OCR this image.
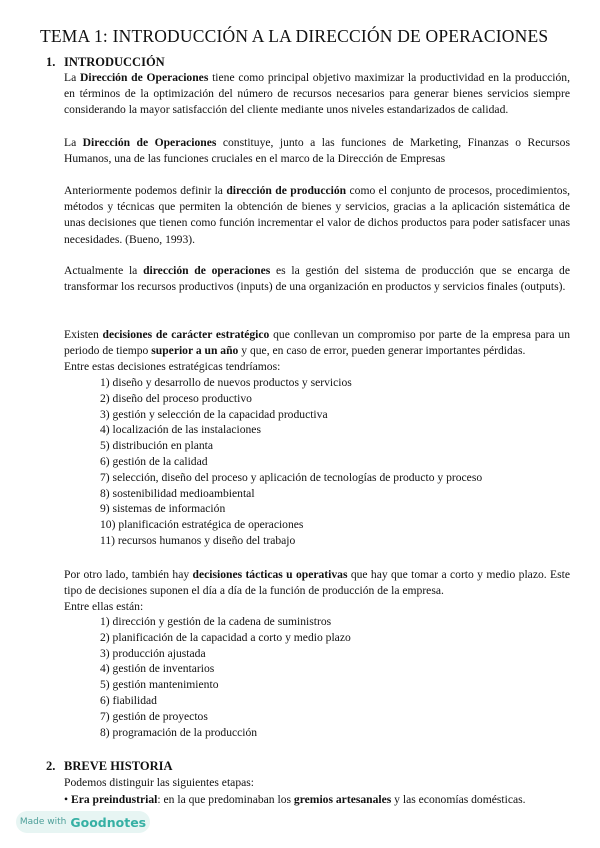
TEMA 1: INTRODUCCIÓN A LA DIRECCIÓN DE OPERACIONES
1. INTRODUCCIÓN

La Dirección de Operaciones tiene como principal objetivo maximizar la productividad en la producción, en términos de la optimización del número de recursos necesarios para generar bienes servicios siempre considerando la mayor satisfacción del cliente mediante unos niveles estandarizados de calidad.

La Dirección de Operaciones constituye, junto a las funciones de Marketing, Finanzas o Recursos Humanos, una de las funciones cruciales en el marco de la Dirección de Empresas

Anteriormente podemos definir la dirección de producción como el conjunto de procesos, procedimientos, métodos y técnicas que permiten la obtención de bienes y servicios, gracias a la aplicación sistemática de unas decisiones que tienen como función incrementar el valor de dichos productos para poder satisfacer unas necesidades. (Bueno, 1993).

Actualmente la dirección de operaciones es la gestión del sistema de producción que se encarga de transformar los recursos productivos (inputs) de una organización en productos y servicios finales (outputs).

Existen decisiones de carácter estratégico que conllevan un compromiso por parte de la empresa para un periodo de tiempo superior a un año y que, en caso de error, pueden generar importantes pérdidas.
Entre estas decisiones estratégicas tendríamos:

1) diseño y desarrollo de nuevos productos y servicios
2) diseño del proceso productivo
3) gestión y selección de la capacidad productiva
4) localización de las instalaciones
5) distribución en planta
6) gestión de la calidad
7) selección, diseño del proceso y aplicación de tecnologías de producto y proceso
8) sostenibilidad medioambiental
9) sistemas de información
10) planificación estratégica de operaciones
11) recursos humanos y diseño del trabajo

Por otro lado, también hay decisiones tácticas u operativas que hay que tomar a corto y medio plazo. Este tipo de decisiones suponen el día a día de la función de producción de la empresa.
Entre ellas están:

1) dirección y gestión de la cadena de suministros
2) planificación de la capacidad a corto y medio plazo
3) producción ajustada
4) gestión de inventarios
5) gestión mantenimiento
6) fiabilidad
7) gestión de proyectos
8) programación de la producción
2. BREVE HISTORIA

Podemos distinguir las siguientes etapas:

• Era preindustrial: en la que predominaban los gremios artesanales y las economías domésticas.

Made with Goodnotes
